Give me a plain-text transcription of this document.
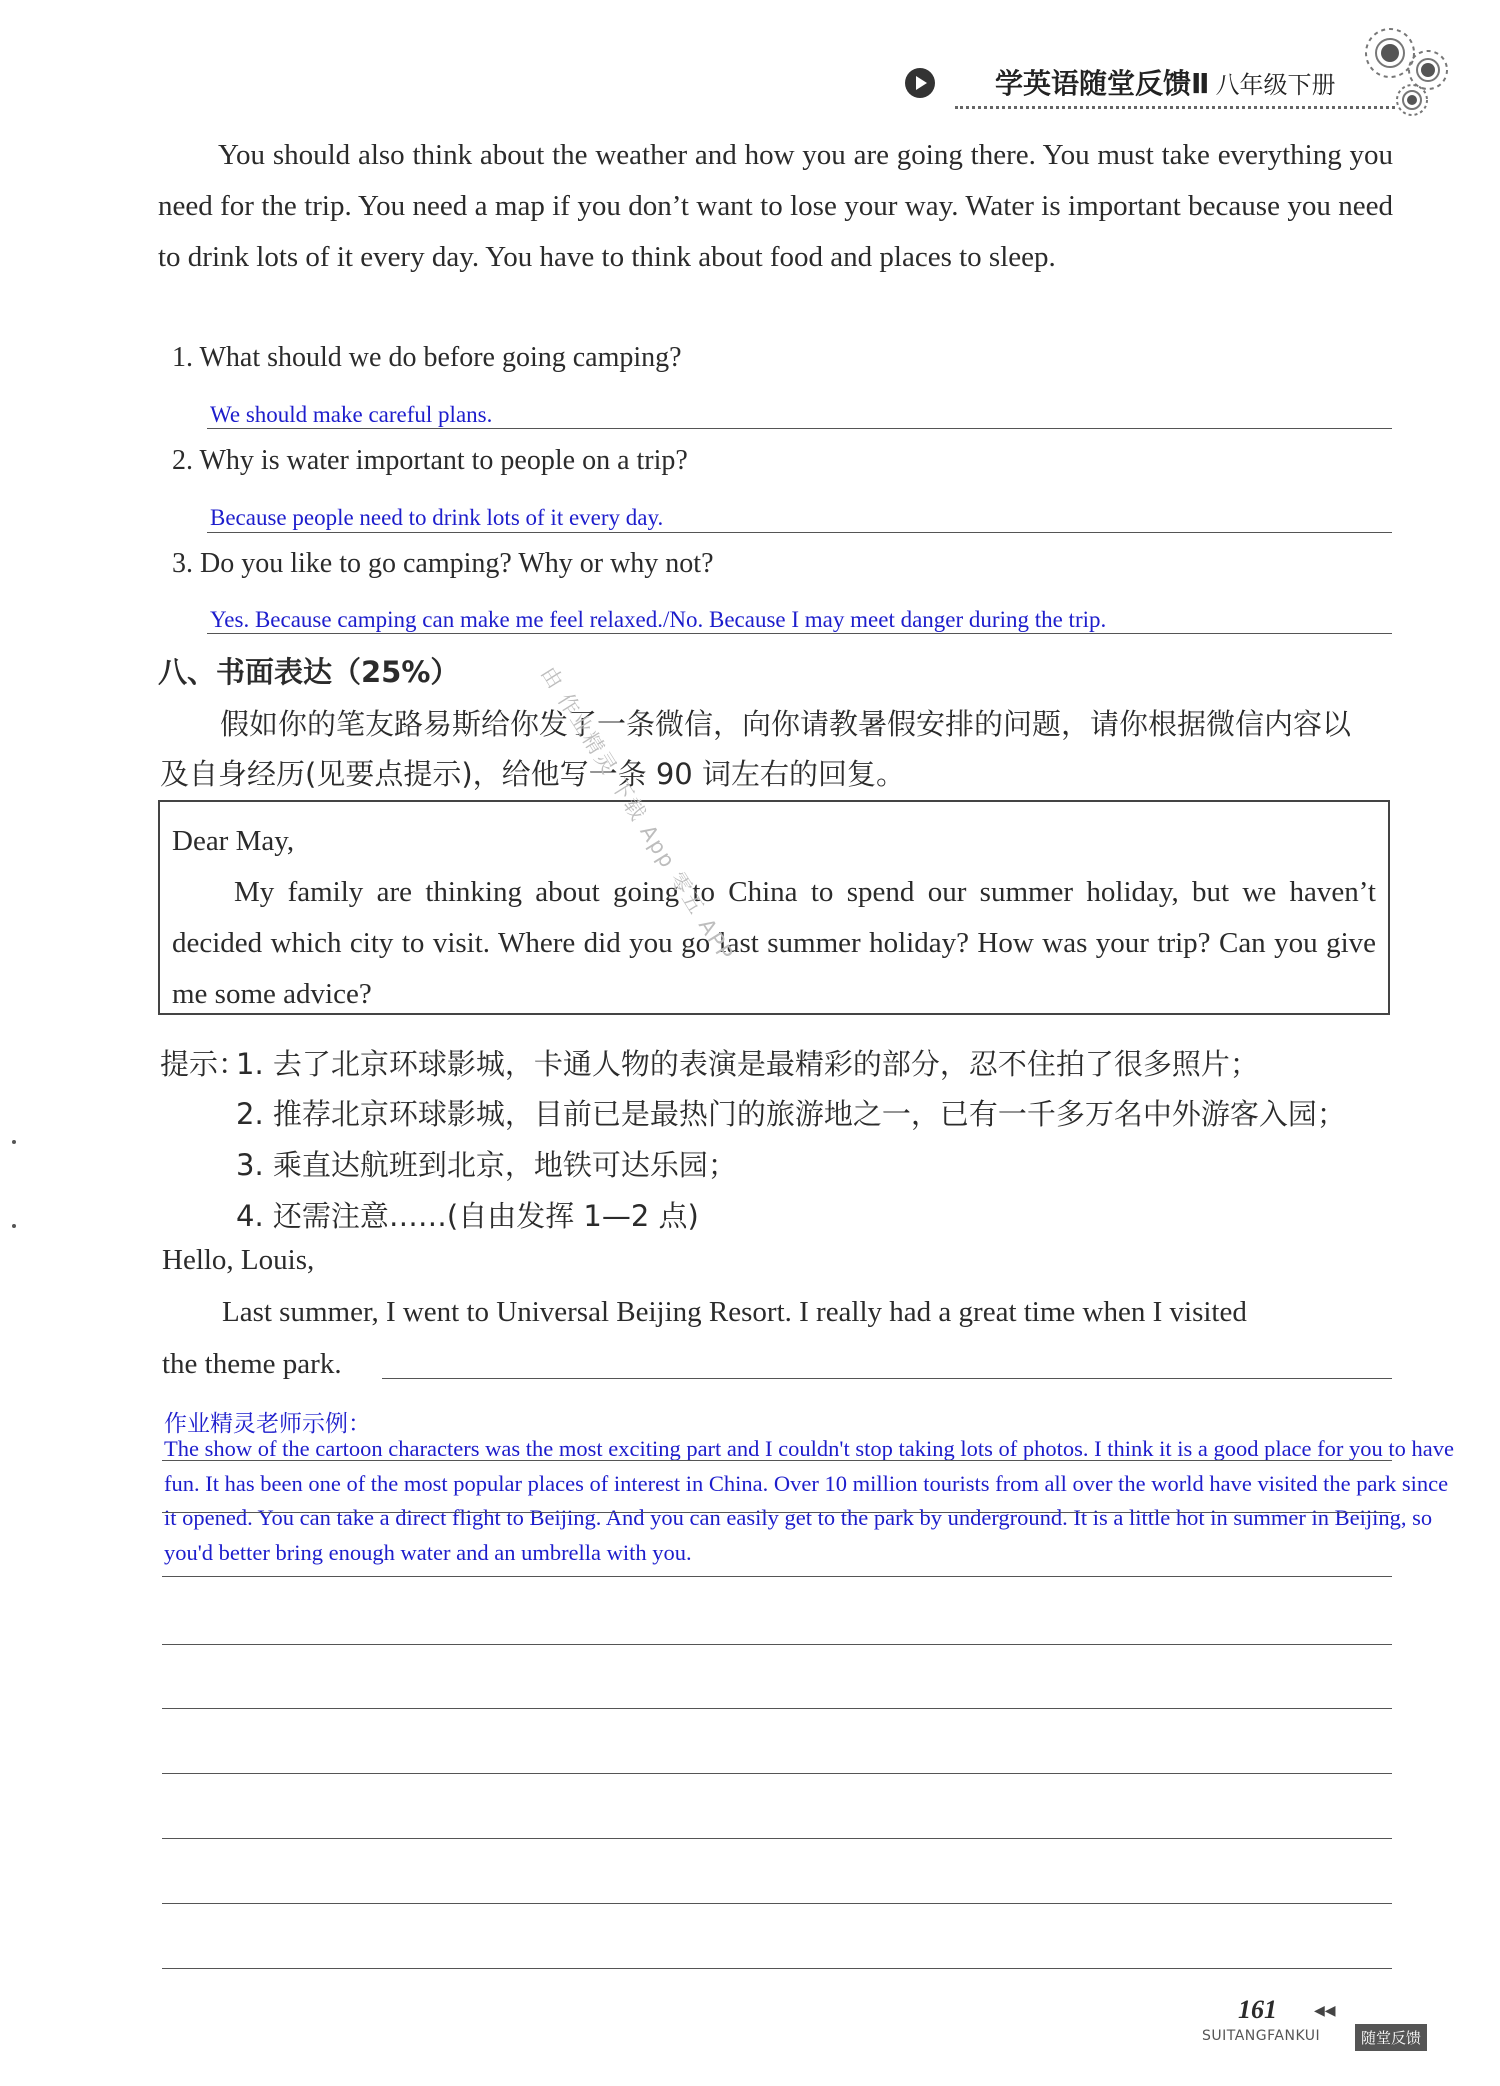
学英语随堂反馈Ⅱ 八年级下册

You should also think about the weather and how you are going there. You must take everything you need for the trip. You need a map if you don’t want to lose your way. Water is important because you need to drink lots of it every day. You have to think about food and places to sleep.

1. What should we do before going camping?
We should make careful plans.
2. Why is water important to people on a trip?
Because people need to drink lots of it every day.
3. Do you like to go camping? Why or why not?
Yes. Because camping can make me feel relaxed./No. Because I may meet danger during the trip.
八、书面表达（25%）
假如你的笔友路易斯给你发了一条微信，向你请教暑假安排的问题，请你根据微信内容以
及自身经历(见要点提示)，给他写一条 90 词左右的回复。

Dear May,

My family are thinking about going to China to spend our summer holiday, but we haven’t decided which city to visit. Where did you go last summer holiday? How was your trip? Can you give me some advice?

提示：
1. 去了北京环球影城，卡通人物的表演是最精彩的部分，忍不住拍了很多照片；
2. 推荐北京环球影城，目前已是最热门的旅游地之一，已有一千多万名中外游客入园；
3. 乘直达航班到北京，地铁可达乐园；
4. 还需注意……(自由发挥 1—2 点)
Hello, Louis,
Last summer, I went to Universal Beijing Resort. I really had a great time when I visited
the theme park.
作业精灵老师示例：

The show of the cartoon characters was the most exciting part and I couldn't stop taking lots of photos. I think it is a good place for you to have fun. It has been one of the most popular places of interest in China. Over 10 million tourists from all over the world have visited the park since it opened. You can take a direct flight to Beijing. And you can easily get to the park by underground. It is a little hot in summer in Beijing, so you'd better bring enough water and an umbrella with you.

由 作业精灵 下载 App 零五 APP
161	◀◀
SUITANGFANKUI	随堂反馈
